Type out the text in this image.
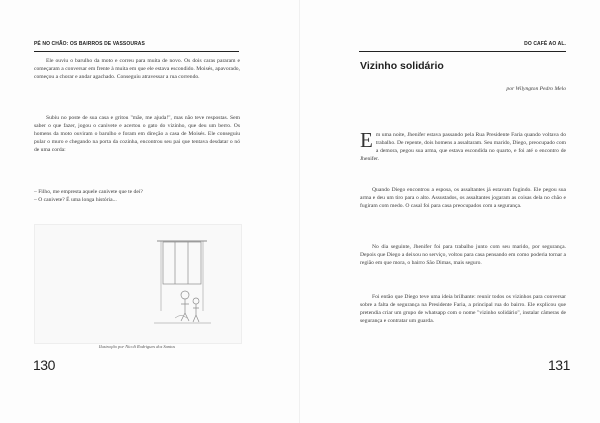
PÉ NO CHÃO: OS BAIRROS DE VASSOURAS

Ele ouviu o barulho da moto e correu para muita de novo. Os dois caras pararam e começaram a conversar em frente à muita em que ele estava escondido. Moisés, apavorado, começou a chorar e andar agachado. Conseguiu atravessar a rua correndo.

Subiu no poste de sua casa e gritou "mãe, me ajuda!", mas não teve respostas. Sem saber o que fazer, jogou o canivete e acertou o gato do vizinho, que deu um berro. Os homens da moto ouviram o barulho e foram em direção a casa de Moisés. Ele conseguiu pular o muro e chegando na porta da cozinha, encontrou seu pai que tentava desdatar o nó de uma corda:

– Filho, me empresta aquele canivete que te dei?

– O canivete? É uma longa história...

Ilustração por Nicoli Rodrigues dos Santos
130
DO CAFÉ AO AL.
Vizinho solidário
por Wilyngton Pedro Melo

Em uma noite, Jhenifer estava passando pela Rua Presidente Faria quando voltava do trabalho. De repente, dois homens a assaltaram. Seu marido, Diego, preocupado com a demora, pegou sua arma, que estava escondida no quarto, e foi até o encontro de Jhenifer.

Quando Diego encontrou a esposa, os assaltantes já estavam fugindo. Ele pegou sua arma e deu um tiro para o alto. Assustados, os assaltantes jogaram as coisas dela no chão e fugiram com medo. O casal foi para casa preocupados com a segurança.

No dia seguinte, Jhenifer foi para trabalho junto com seu marido, por segurança. Depois que Diego a deixou no serviço, voltou para casa pensando em como poderia tornar a região em que mora, o bairro São Dimas, mais seguro.

Foi então que Diego teve uma ideia brilhante: reunir todos os vizinhos para conversar sobre a falta de segurança na Presidente Faria, a principal rua do bairro. Ele explicou que pretendia criar um grupo de whatsapp com o nome "vizinho solidário", instalar câmeras de segurança e contratar um guarda.

131
